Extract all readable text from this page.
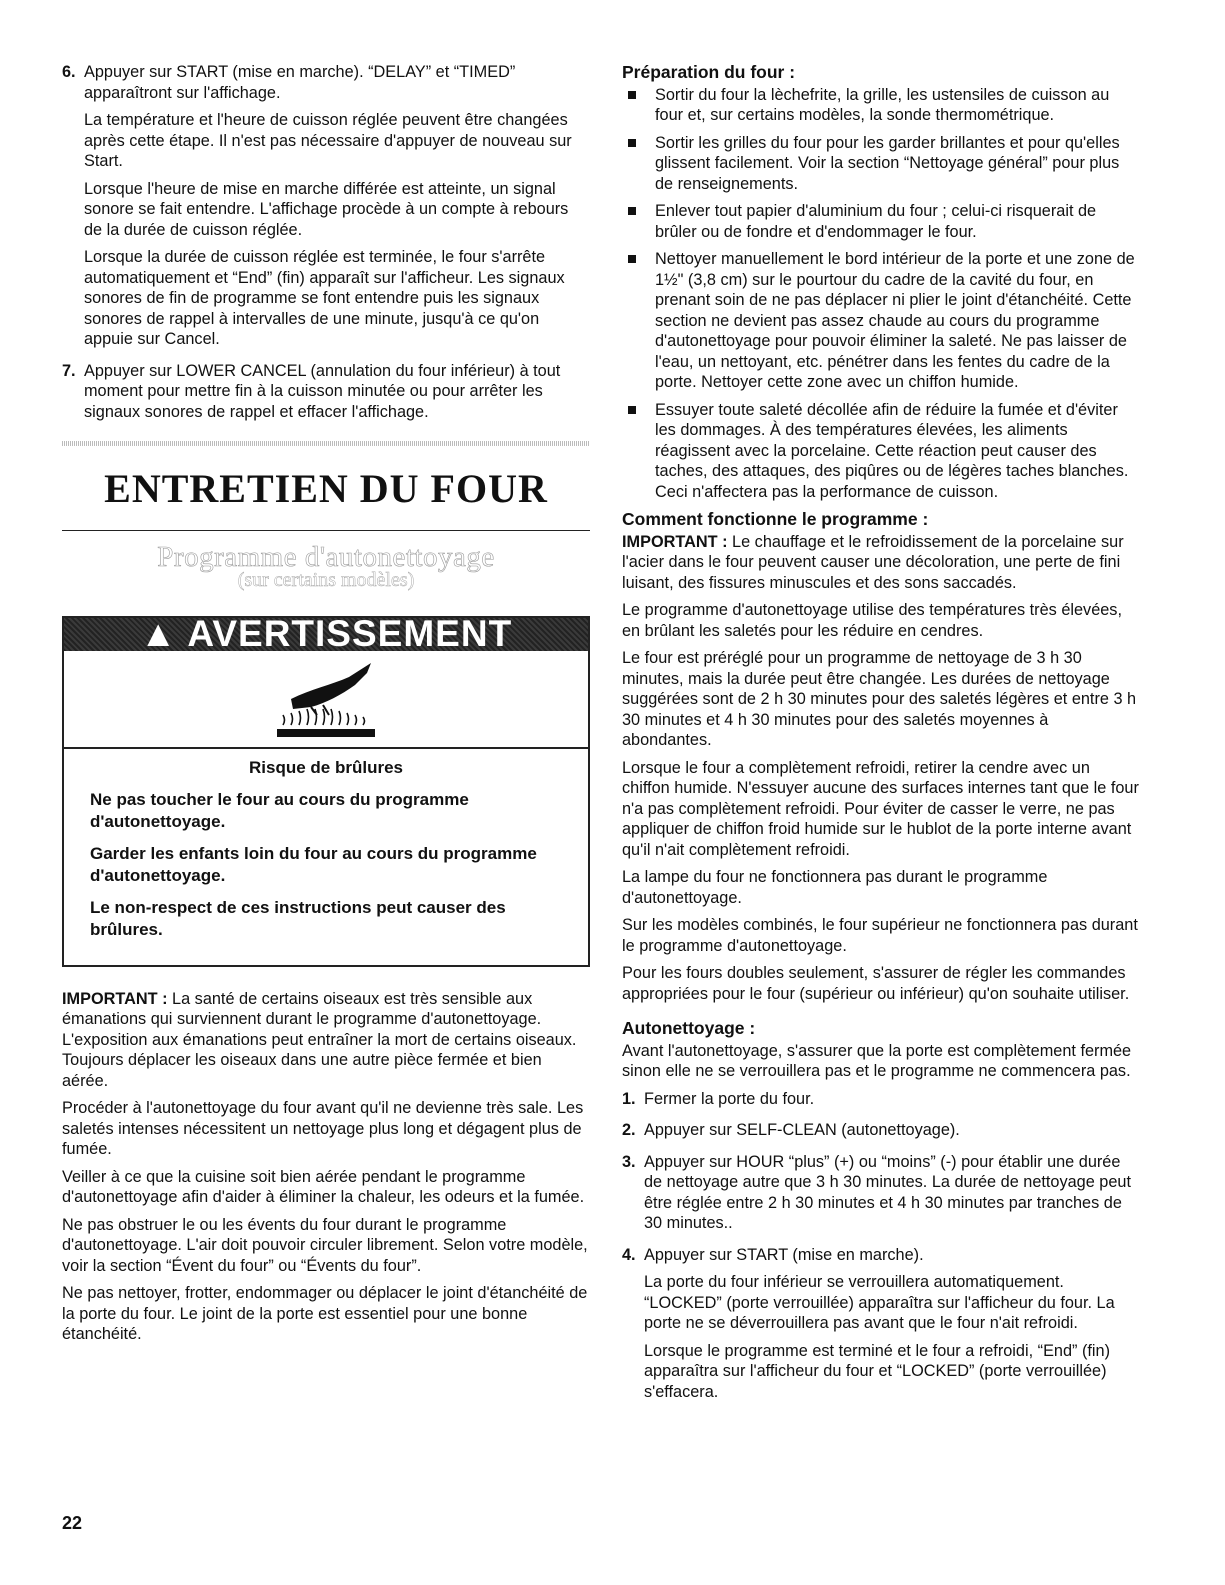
6. Appuyer sur START (mise en marche). “DELAY” et “TIMED” apparaîtront sur l'affichage.

La température et l'heure de cuisson réglée peuvent être changées après cette étape. Il n'est pas nécessaire d'appuyer de nouveau sur Start.

Lorsque l'heure de mise en marche différée est atteinte, un signal sonore se fait entendre. L'affichage procède à un compte à rebours de la durée de cuisson réglée.

Lorsque la durée de cuisson réglée est terminée, le four s'arrête automatiquement et “End” (fin) apparaît sur l'afficheur. Les signaux sonores de fin de programme se font entendre puis les signaux sonores de rappel à intervalles de une minute, jusqu'à ce qu'on appuie sur Cancel.

7. Appuyer sur LOWER CANCEL (annulation du four inférieur) à tout moment pour mettre fin à la cuisson minutée ou pour arrêter les signaux sonores de rappel et effacer l'affichage.

ENTRETIEN DU FOUR
Programme d'autonettoyage
(sur certains modèles)
▲ AVERTISSEMENT
Risque de brûlures

Ne pas toucher le four au cours du programme d'autonettoyage.

Garder les enfants loin du four au cours du programme d'autonettoyage.

Le non-respect de ces instructions peut causer des brûlures.

IMPORTANT : La santé de certains oiseaux est très sensible aux émanations qui surviennent durant le programme d'autonettoyage. L'exposition aux émanations peut entraîner la mort de certains oiseaux. Toujours déplacer les oiseaux dans une autre pièce fermée et bien aérée.

Procéder à l'autonettoyage du four avant qu'il ne devienne très sale. Les saletés intenses nécessitent un nettoyage plus long et dégagent plus de fumée.

Veiller à ce que la cuisine soit bien aérée pendant le programme d'autonettoyage afin d'aider à éliminer la chaleur, les odeurs et la fumée.

Ne pas obstruer le ou les évents du four durant le programme d'autonettoyage. L'air doit pouvoir circuler librement. Selon votre modèle, voir la section “Évent du four” ou “Évents du four”.

Ne pas nettoyer, frotter, endommager ou déplacer le joint d'étanchéité de la porte du four. Le joint de la porte est essentiel pour une bonne étanchéité.

Préparation du four :
Sortir du four la lèchefrite, la grille, les ustensiles de cuisson au four et, sur certains modèles, la sonde thermométrique.
Sortir les grilles du four pour les garder brillantes et pour qu'elles glissent facilement. Voir la section “Nettoyage général” pour plus de renseignements.
Enlever tout papier d'aluminium du four ; celui-ci risquerait de brûler ou de fondre et d'endommager le four.
Nettoyer manuellement le bord intérieur de la porte et une zone de 1½" (3,8 cm) sur le pourtour du cadre de la cavité du four, en prenant soin de ne pas déplacer ni plier le joint d'étanchéité. Cette section ne devient pas assez chaude au cours du programme d'autonettoyage pour pouvoir éliminer la saleté. Ne pas laisser de l'eau, un nettoyant, etc. pénétrer dans les fentes du cadre de la porte. Nettoyer cette zone avec un chiffon humide.
Essuyer toute saleté décollée afin de réduire la fumée et d'éviter les dommages. À des températures élevées, les aliments réagissent avec la porcelaine. Cette réaction peut causer des taches, des attaques, des piqûres ou de légères taches blanches. Ceci n'affectera pas la performance de cuisson.
Comment fonctionne le programme :

IMPORTANT : Le chauffage et le refroidissement de la porcelaine sur l'acier dans le four peuvent causer une décoloration, une perte de fini luisant, des fissures minuscules et des sons saccadés.

Le programme d'autonettoyage utilise des températures très élevées, en brûlant les saletés pour les réduire en cendres.

Le four est préréglé pour un programme de nettoyage de 3 h 30 minutes, mais la durée peut être changée. Les durées de nettoyage suggérées sont de 2 h 30 minutes pour des saletés légères et entre 3 h 30 minutes et 4 h 30 minutes pour des saletés moyennes à abondantes.

Lorsque le four a complètement refroidi, retirer la cendre avec un chiffon humide. N'essuyer aucune des surfaces internes tant que le four n'a pas complètement refroidi. Pour éviter de casser le verre, ne pas appliquer de chiffon froid humide sur le hublot de la porte interne avant qu'il n'ait complètement refroidi.

La lampe du four ne fonctionnera pas durant le programme d'autonettoyage.

Sur les modèles combinés, le four supérieur ne fonctionnera pas durant le programme d'autonettoyage.

Pour les fours doubles seulement, s'assurer de régler les commandes appropriées pour le four (supérieur ou inférieur) qu'on souhaite utiliser.

Autonettoyage :

Avant l'autonettoyage, s'assurer que la porte est complètement fermée sinon elle ne se verrouillera pas et le programme ne commencera pas.

1. Fermer la porte du four.

2. Appuyer sur SELF-CLEAN (autonettoyage).

3. Appuyer sur HOUR “plus” (+) ou “moins” (-) pour établir une durée de nettoyage autre que 3 h 30 minutes. La durée de nettoyage peut être réglée entre 2 h 30 minutes et 4 h 30 minutes par tranches de 30 minutes..

4. Appuyer sur START (mise en marche).

La porte du four inférieur se verrouillera automatiquement. “LOCKED” (porte verrouillée) apparaîtra sur l'afficheur du four. La porte ne se déverrouillera pas avant que le four n'ait refroidi.

Lorsque le programme est terminé et le four a refroidi, “End” (fin) apparaîtra sur l'afficheur du four et “LOCKED” (porte verrouillée) s'effacera.

22
